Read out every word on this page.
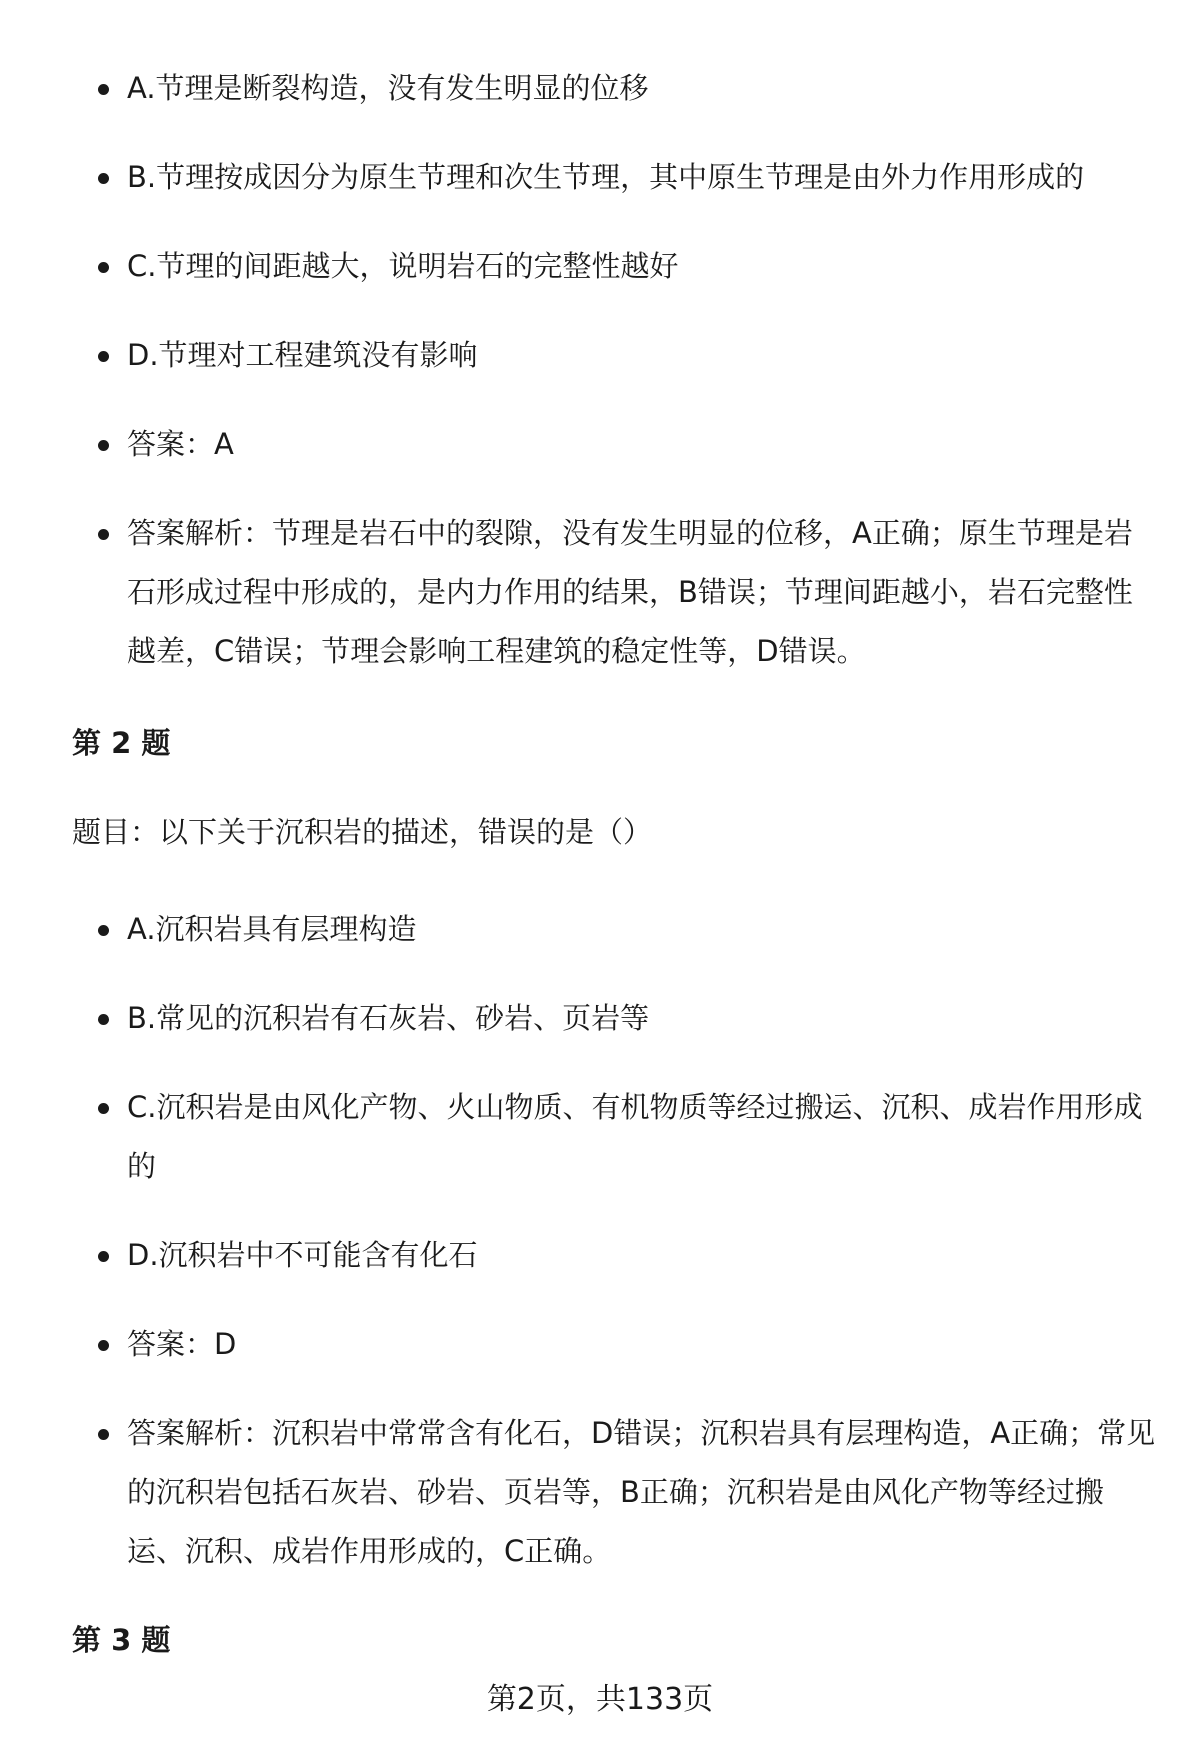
A.节理是断裂构造，没有发生明显的位移
B.节理按成因分为原生节理和次生节理，其中原生节理是由外力作用形成的
C.节理的间距越大，说明岩石的完整性越好
D.节理对工程建筑没有影响
答案：A
答案解析：节理是岩石中的裂隙，没有发生明显的位移，A正确；原生节理是岩石形成过程中形成的，是内力作用的结果，B错误；节理间距越小，岩石完整性越差，C错误；节理会影响工程建筑的稳定性等，D错误。
第 2 题
题目：以下关于沉积岩的描述，错误的是（）
A.沉积岩具有层理构造
B.常见的沉积岩有石灰岩、砂岩、页岩等
C.沉积岩是由风化产物、火山物质、有机物质等经过搬运、沉积、成岩作用形成的
D.沉积岩中不可能含有化石
答案：D
答案解析：沉积岩中常常含有化石，D错误；沉积岩具有层理构造，A正确；常见的沉积岩包括石灰岩、砂岩、页岩等，B正确；沉积岩是由风化产物等经过搬运、沉积、成岩作用形成的，C正确。
第 3 题
第2页，共133页
